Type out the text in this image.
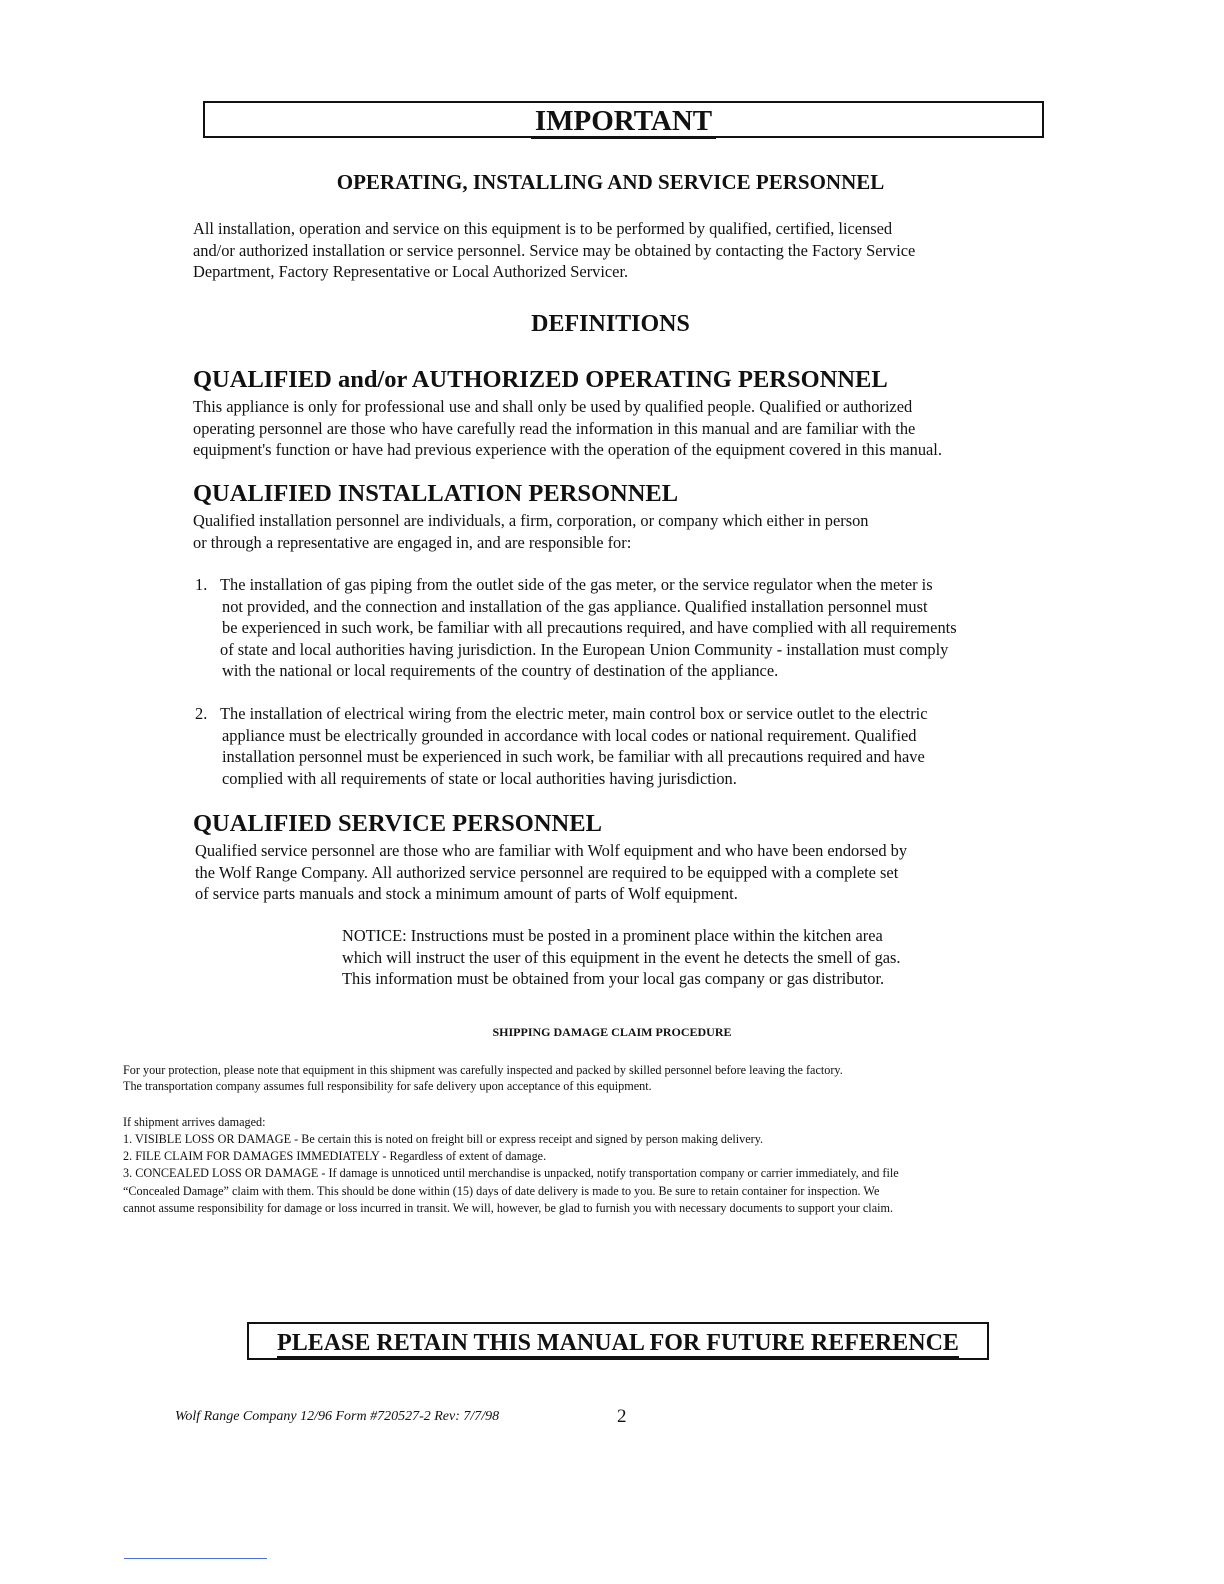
IMPORTANT
OPERATING, INSTALLING AND SERVICE PERSONNEL
All installation, operation and service on this equipment is to be performed by qualified, certified, licensed
and/or authorized installation or service personnel. Service may be obtained by contacting the Factory Service
Department, Factory Representative or Local Authorized Servicer.
DEFINITIONS
QUALIFIED and/or AUTHORIZED OPERATING PERSONNEL
This appliance is only for professional use and shall only be used by qualified people. Qualified or authorized
operating personnel are those who have carefully read the information in this manual and are familiar with the
equipment's function or have had previous experience with the operation of the equipment covered in this manual.
QUALIFIED INSTALLATION PERSONNEL
Qualified installation personnel are individuals, a firm, corporation, or company which either in person
or through a representative are engaged in, and are responsible for:
1. The installation of gas piping from the outlet side of the gas meter, or the service regulator when the meter is
not provided, and the connection and installation of the gas appliance. Qualified installation personnel must
be experienced in such work, be familiar with all precautions required, and have complied with all requirements
of state and local authorities having jurisdiction. In the European Union Community - installation must comply
with the national or local requirements of the country of destination of the appliance.
2. The installation of electrical wiring from the electric meter, main control box or service outlet to the electric
appliance must be electrically grounded in accordance with local codes or national requirement. Qualified
installation personnel must be experienced in such work, be familiar with all precautions required and have
complied with all requirements of state or local authorities having jurisdiction.
QUALIFIED SERVICE PERSONNEL
Qualified service personnel are those who are familiar with Wolf equipment and who have been endorsed by
the Wolf Range Company. All authorized service personnel are required to be equipped with a complete set
of service parts manuals and stock a minimum amount of parts of Wolf equipment.
NOTICE: Instructions must be posted in a prominent place within the kitchen area
which will instruct the user of this equipment in the event he detects the smell of gas.
This information must be obtained from your local gas company or gas distributor.
SHIPPING DAMAGE CLAIM PROCEDURE
For your protection, please note that equipment in this shipment was carefully inspected and packed by skilled personnel before leaving the factory.
The transportation company assumes full responsibility for safe delivery upon acceptance of this equipment.
If shipment arrives damaged:
1. VISIBLE LOSS OR DAMAGE - Be certain this is noted on freight bill or express receipt and signed by person making delivery.
2. FILE CLAIM FOR DAMAGES IMMEDIATELY - Regardless of extent of damage.
3. CONCEALED LOSS OR DAMAGE - If damage is unnoticed until merchandise is unpacked, notify transportation company or carrier immediately, and file
“Concealed Damage” claim with them. This should be done within (15) days of date delivery is made to you. Be sure to retain container for inspection. We
cannot assume responsibility for damage or loss incurred in transit. We will, however, be glad to furnish you with necessary documents to support your claim.
PLEASE RETAIN THIS MANUAL FOR FUTURE REFERENCE
Wolf Range Company 12/96 Form #720527-2 Rev: 7/7/98	2
